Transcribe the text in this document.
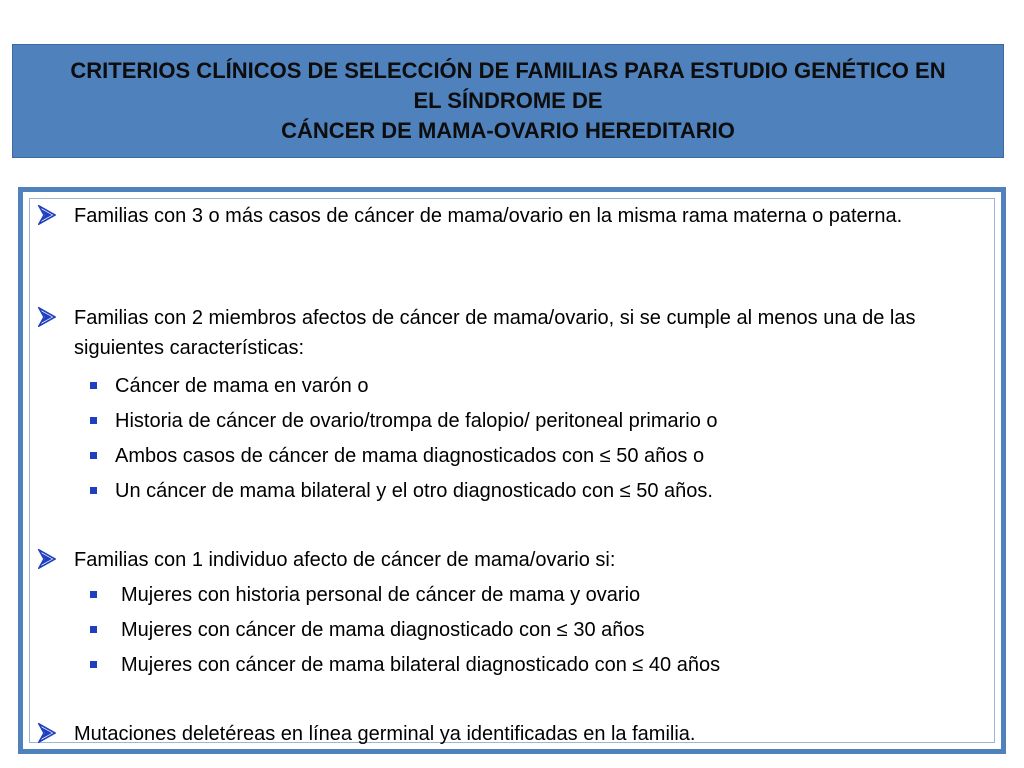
CRITERIOS CLÍNICOS DE SELECCIÓN DE FAMILIAS PARA ESTUDIO GENÉTICO EN
EL SÍNDROME DE
CÁNCER DE MAMA-OVARIO HEREDITARIO
Familias con 3 o más casos de cáncer de mama/ovario en la misma rama materna o paterna.
Familias con 2 miembros afectos de cáncer de mama/ovario, si se cumple al menos una de las siguientes características:
Cáncer de mama en varón o
Historia de cáncer de ovario/trompa de falopio/ peritoneal primario o
Ambos casos de cáncer de mama diagnosticados con ≤ 50 años o
Un cáncer de mama bilateral y el otro diagnosticado con ≤ 50 años.
Familias con 1 individuo afecto de cáncer de mama/ovario si:
Mujeres con historia personal de cáncer de mama y ovario
Mujeres con cáncer de mama diagnosticado con ≤ 30 años
Mujeres con cáncer de mama bilateral diagnosticado con ≤ 40 años
Mutaciones deletéreas en línea germinal ya identificadas en la familia.
